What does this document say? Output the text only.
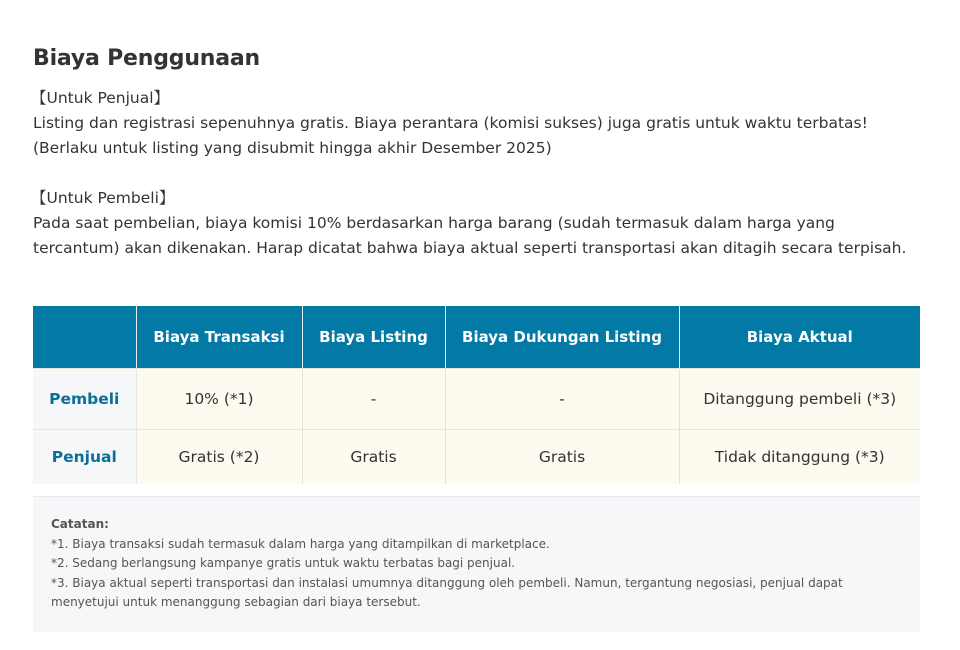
Biaya Penggunaan

【Untuk Penjual】

Listing dan registrasi sepenuhnya gratis. Biaya perantara (komisi sukses) juga gratis untuk waktu terbatas! (Berlaku untuk listing yang disubmit hingga akhir Desember 2025)

【Untuk Pembeli】

Pada saat pembelian, biaya komisi 10% berdasarkan harga barang (sudah termasuk dalam harga yang tercantum) akan dikenakan. Harap dicatat bahwa biaya aktual seperti transportasi akan ditagih secara terpisah.

	Biaya Transaksi	Biaya Listing	Biaya Dukungan Listing	Biaya Aktual
Pembeli	10% (*1)	-	-	Ditanggung pembeli (*3)
Penjual	Gratis (*2)	Gratis	Gratis	Tidak ditanggung (*3)

Catatan:

*1. Biaya transaksi sudah termasuk dalam harga yang ditampilkan di marketplace.

*2. Sedang berlangsung kampanye gratis untuk waktu terbatas bagi penjual.

*3. Biaya aktual seperti transportasi dan instalasi umumnya ditanggung oleh pembeli. Namun, tergantung negosiasi, penjual dapat menyetujui untuk menanggung sebagian dari biaya tersebut.
